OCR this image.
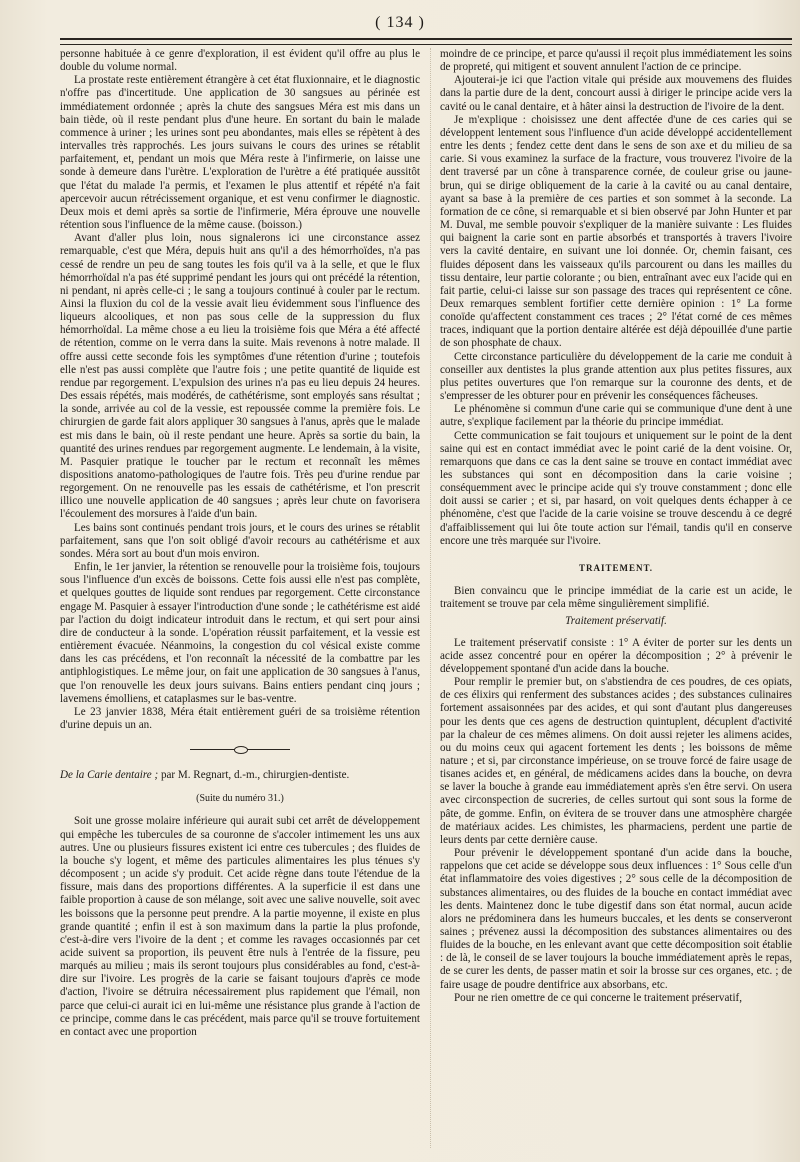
( 134 )

personne habituée à ce genre d'exploration, il est évident qu'il offre au plus le double du volume normal.

La prostate reste entièrement étrangère à cet état fluxionnaire, et le diagnostic n'offre pas d'incertitude. Une application de 30 sangsues au périnée est immédiatement ordonnée ; après la chute des sangsues Méra est mis dans un bain tiède, où il reste pendant plus d'une heure. En sortant du bain le malade commence à uriner ; les urines sont peu abondantes, mais elles se répètent à des intervalles très rapprochés. Les jours suivans le cours des urines se rétablit parfaitement, et, pendant un mois que Méra reste à l'infirmerie, on laisse une sonde à demeure dans l'urètre. L'exploration de l'urètre a été pratiquée aussitôt que l'état du malade l'a permis, et l'examen le plus attentif et répété n'a fait apercevoir aucun rétrécissement organique, et est venu confirmer le diagnostic. Deux mois et demi après sa sortie de l'infirmerie, Méra éprouve une nouvelle rétention sous l'influence de la même cause. (boisson.)

Avant d'aller plus loin, nous signalerons ici une circonstance assez remarquable, c'est que Méra, depuis huit ans qu'il a des hémorrhoïdes, n'a pas cessé de rendre un peu de sang toutes les fois qu'il va à la selle, et que le flux hémorrhoïdal n'a pas été supprimé pendant les jours qui ont précédé la rétention, ni pendant, ni après celle-ci ; le sang a toujours continué à couler par le rectum. Ainsi la fluxion du col de la vessie avait lieu évidemment sous l'influence des liqueurs alcooliques, et non pas sous celle de la suppression du flux hémorrhoïdal. La même chose a eu lieu la troisième fois que Méra a été affecté de rétention, comme on le verra dans la suite. Mais revenons à notre malade. Il offre aussi cette seconde fois les symptômes d'une rétention d'urine ; toutefois elle n'est pas aussi complète que l'autre fois ; une petite quantité de liquide est rendue par regorgement. L'expulsion des urines n'a pas eu lieu depuis 24 heures. Des essais répétés, mais modérés, de cathétérisme, sont employés sans résultat ; la sonde, arrivée au col de la vessie, est repoussée comme la première fois. Le chirurgien de garde fait alors appliquer 30 sangsues à l'anus, après que le malade est mis dans le bain, où il reste pendant une heure. Après sa sortie du bain, la quantité des urines rendues par regorgement augmente. Le lendemain, à la visite, M. Pasquier pratique le toucher par le rectum et reconnaît les mêmes dispositions anatomo-pathologiques de l'autre fois. Très peu d'urine rendue par regorgement. On ne renouvelle pas les essais de cathétérisme, et l'on prescrit illico une nouvelle application de 40 sangsues ; après leur chute on favorisera l'écoulement des morsures à l'aide d'un bain.

Les bains sont continués pendant trois jours, et le cours des urines se rétablit parfaitement, sans que l'on soit obligé d'avoir recours au cathétérisme et aux sondes. Méra sort au bout d'un mois environ.

Enfin, le 1er janvier, la rétention se renouvelle pour la troisième fois, toujours sous l'influence d'un excès de boissons. Cette fois aussi elle n'est pas complète, et quelques gouttes de liquide sont rendues par regorgement. Cette circonstance engage M. Pasquier à essayer l'introduction d'une sonde ; le cathétérisme est aidé par l'action du doigt indicateur introduit dans le rectum, et qui sert pour ainsi dire de conducteur à la sonde. L'opération réussit parfaitement, et la vessie est entièrement évacuée. Néanmoins, la congestion du col vésical existe comme dans les cas précédens, et l'on reconnaît la nécessité de la combattre par les antiphlogistiques. Le même jour, on fait une application de 30 sangsues à l'anus, que l'on renouvelle les deux jours suivans. Bains entiers pendant cinq jours ; lavemens émolliens, et cataplasmes sur le bas-ventre.

Le 23 janvier 1838, Méra était entièrement guéri de sa troisième rétention d'urine depuis un an.

De la Carie dentaire ; par M. Regnart, d.-m., chirurgien-dentiste.

(Suite du numéro 31.)

Soit une grosse molaire inférieure qui aurait subi cet arrêt de développement qui empêche les tubercules de sa couronne de s'accoler intimement les uns aux autres. Une ou plusieurs fissures existent ici entre ces tubercules ; des fluides de la bouche s'y logent, et même des particules alimentaires les plus ténues s'y décomposent ; un acide s'y produit. Cet acide règne dans toute l'étendue de la fissure, mais dans des proportions différentes. A la superficie il est dans une faible proportion à cause de son mélange, soit avec une salive nouvelle, soit avec les boissons que la personne peut prendre. A la partie moyenne, il existe en plus grande quantité ; enfin il est à son maximum dans la partie la plus profonde, c'est-à-dire vers l'ivoire de la dent ; et comme les ravages occasionnés par cet acide suivent sa proportion, ils peuvent être nuls à l'entrée de la fissure, peu marqués au milieu ; mais ils seront toujours plus considérables au fond, c'est-à-dire sur l'ivoire. Les progrès de la carie se faisant toujours d'après ce mode d'action, l'ivoire se détruira nécessairement plus rapidement que l'émail, non parce que celui-ci aurait ici en lui-même une résistance plus grande à l'action de ce principe, comme dans le cas précédent, mais parce qu'il se trouve fortuitement en contact avec une proportion

moindre de ce principe, et parce qu'aussi il reçoit plus immédiatement les soins de propreté, qui mitigent et souvent annulent l'action de ce principe.

Ajouterai-je ici que l'action vitale qui préside aux mouvemens des fluides dans la partie dure de la dent, concourt aussi à diriger le principe acide vers la cavité ou le canal dentaire, et à hâter ainsi la destruction de l'ivoire de la dent.

Je m'explique : choisissez une dent affectée d'une de ces caries qui se développent lentement sous l'influence d'un acide développé accidentellement entre les dents ; fendez cette dent dans le sens de son axe et du milieu de sa carie. Si vous examinez la surface de la fracture, vous trouverez l'ivoire de la dent traversé par un cône à transparence cornée, de couleur grise ou jaune-brun, qui se dirige obliquement de la carie à la cavité ou au canal dentaire, ayant sa base à la première de ces parties et son sommet à la seconde. La formation de ce cône, si remarquable et si bien observé par John Hunter et par M. Duval, me semble pouvoir s'expliquer de la manière suivante : Les fluides qui baignent la carie sont en partie absorbés et transportés à travers l'ivoire vers la cavité dentaire, en suivant une loi donnée. Or, chemin faisant, ces fluides déposent dans les vaisseaux qu'ils parcourent ou dans les mailles du tissu dentaire, leur partie colorante ; ou bien, entraînant avec eux l'acide qui en fait partie, celui-ci laisse sur son passage des traces qui représentent ce cône. Deux remarques semblent fortifier cette dernière opinion : 1° La forme conoïde qu'affectent constamment ces traces ; 2° l'état corné de ces mêmes traces, indiquant que la portion dentaire altérée est déjà dépouillée d'une partie de son phosphate de chaux.

Cette circonstance particulière du développement de la carie me conduit à conseiller aux dentistes la plus grande attention aux plus petites fissures, aux plus petites ouvertures que l'on remarque sur la couronne des dents, et de s'empresser de les obturer pour en prévenir les conséquences fâcheuses.

Le phénomène si commun d'une carie qui se communique d'une dent à une autre, s'explique facilement par la théorie du principe immédiat.

Cette communication se fait toujours et uniquement sur le point de la dent saine qui est en contact immédiat avec le point carié de la dent voisine. Or, remarquons que dans ce cas la dent saine se trouve en contact immédiat avec les substances qui sont en décomposition dans la carie voisine ; conséquemment avec le principe acide qui s'y trouve constamment ; donc elle doit aussi se carier ; et si, par hasard, on voit quelques dents échapper à ce phénomène, c'est que l'acide de la carie voisine se trouve descendu à ce degré d'affaiblissement qui lui ôte toute action sur l'émail, tandis qu'il en conserve encore une très marquée sur l'ivoire.

TRAITEMENT.

Bien convaincu que le principe immédiat de la carie est un acide, le traitement se trouve par cela même singulièrement simplifié.

Traitement préservatif.

Le traitement préservatif consiste : 1° A éviter de porter sur les dents un acide assez concentré pour en opérer la décomposition ; 2° à prévenir le développement spontané d'un acide dans la bouche.

Pour remplir le premier but, on s'abstiendra de ces poudres, de ces opiats, de ces élixirs qui renferment des substances acides ; des substances culinaires fortement assaisonnées par des acides, et qui sont d'autant plus dangereuses pour les dents que ces agens de destruction quintuplent, décuplent d'activité par la chaleur de ces mêmes alimens. On doit aussi rejeter les alimens acides, ou du moins ceux qui agacent fortement les dents ; les boissons de même nature ; et si, par circonstance impérieuse, on se trouve forcé de faire usage de tisanes acides et, en général, de médicamens acides dans la bouche, on devra se laver la bouche à grande eau immédiatement après s'en être servi. On usera avec circonspection de sucreries, de celles surtout qui sont sous la forme de pâte, de gomme. Enfin, on évitera de se trouver dans une atmosphère chargée de matériaux acides. Les chimistes, les pharmaciens, perdent une partie de leurs dents par cette dernière cause.

Pour prévenir le développement spontané d'un acide dans la bouche, rappelons que cet acide se développe sous deux influences : 1° Sous celle d'un état inflammatoire des voies digestives ; 2° sous celle de la décomposition de substances alimentaires, ou des fluides de la bouche en contact immédiat avec les dents. Maintenez donc le tube digestif dans son état normal, aucun acide alors ne prédominera dans les humeurs buccales, et les dents se conserveront saines ; prévenez aussi la décomposition des substances alimentaires ou des fluides de la bouche, en les enlevant avant que cette décomposition soit établie : de là, le conseil de se laver toujours la bouche immédiatement après le repas, de se curer les dents, de passer matin et soir la brosse sur ces organes, etc. ; de faire usage de poudre dentifrice aux absorbans, etc.

Pour ne rien omettre de ce qui concerne le traitement préservatif,
